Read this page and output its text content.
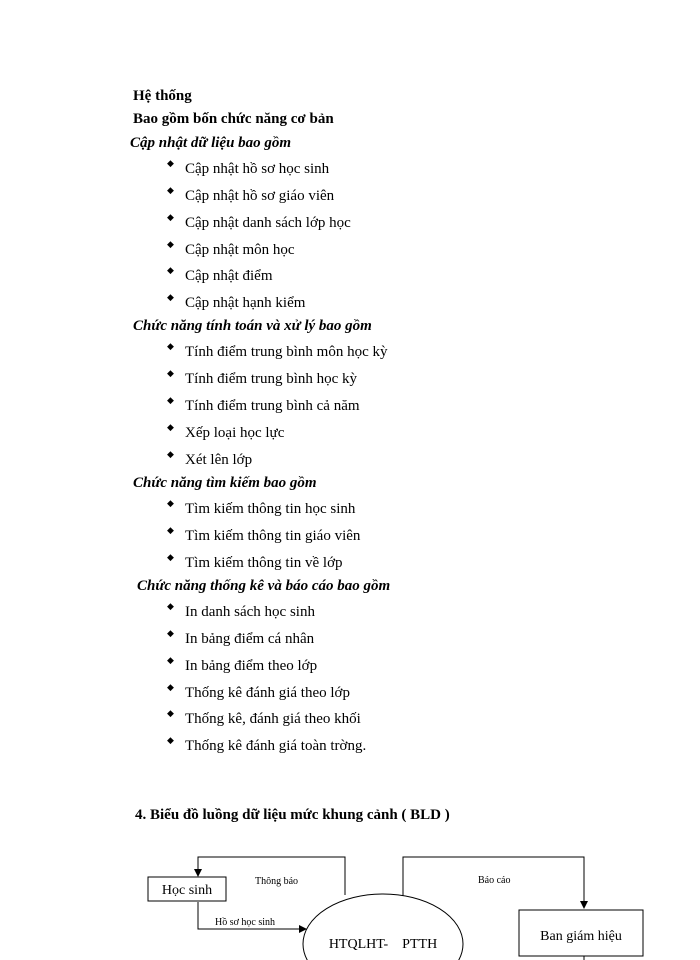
Hệ thống
Bao gồm bốn chức năng cơ bản
Cập nhật dữ liệu bao gồm
◆ Cập nhật hồ sơ học sinh
◆ Cập nhật hồ sơ giáo viên
◆ Cập nhật danh sách lớp học
◆ Cập nhật môn học
◆ Cập nhật điểm
◆ Cập nhật hạnh kiểm
Chức năng tính toán và xử lý bao gồm
◆ Tính điểm trung bình môn học kỳ
◆ Tính điểm trung bình học kỳ
◆ Tính điểm trung bình cả năm
◆ Xếp loại học lực
◆ Xét lên lớp
Chức năng tìm kiếm bao gồm
◆ Tìm kiếm thông tin học sinh
◆ Tìm kiếm thông tin giáo viên
◆ Tìm kiếm thông tin về lớp
Chức năng thống kê và báo cáo bao gồm
◆ In danh sách học sinh
◆ In bảng điểm cá nhân
◆ In bảng điểm theo lớp
◆ Thống kê đánh giá theo lớp
◆ Thống kê, đánh giá theo khối
◆ Thống kê đánh giá toàn trờng.
4. Biểu đồ luồng dữ liệu mức khung cảnh ( BLD )
Học sinh
Thông báo
Hồ sơ học sinh
HTQLHT-    PTTH
Báo cáo
Ban giám hiệu
